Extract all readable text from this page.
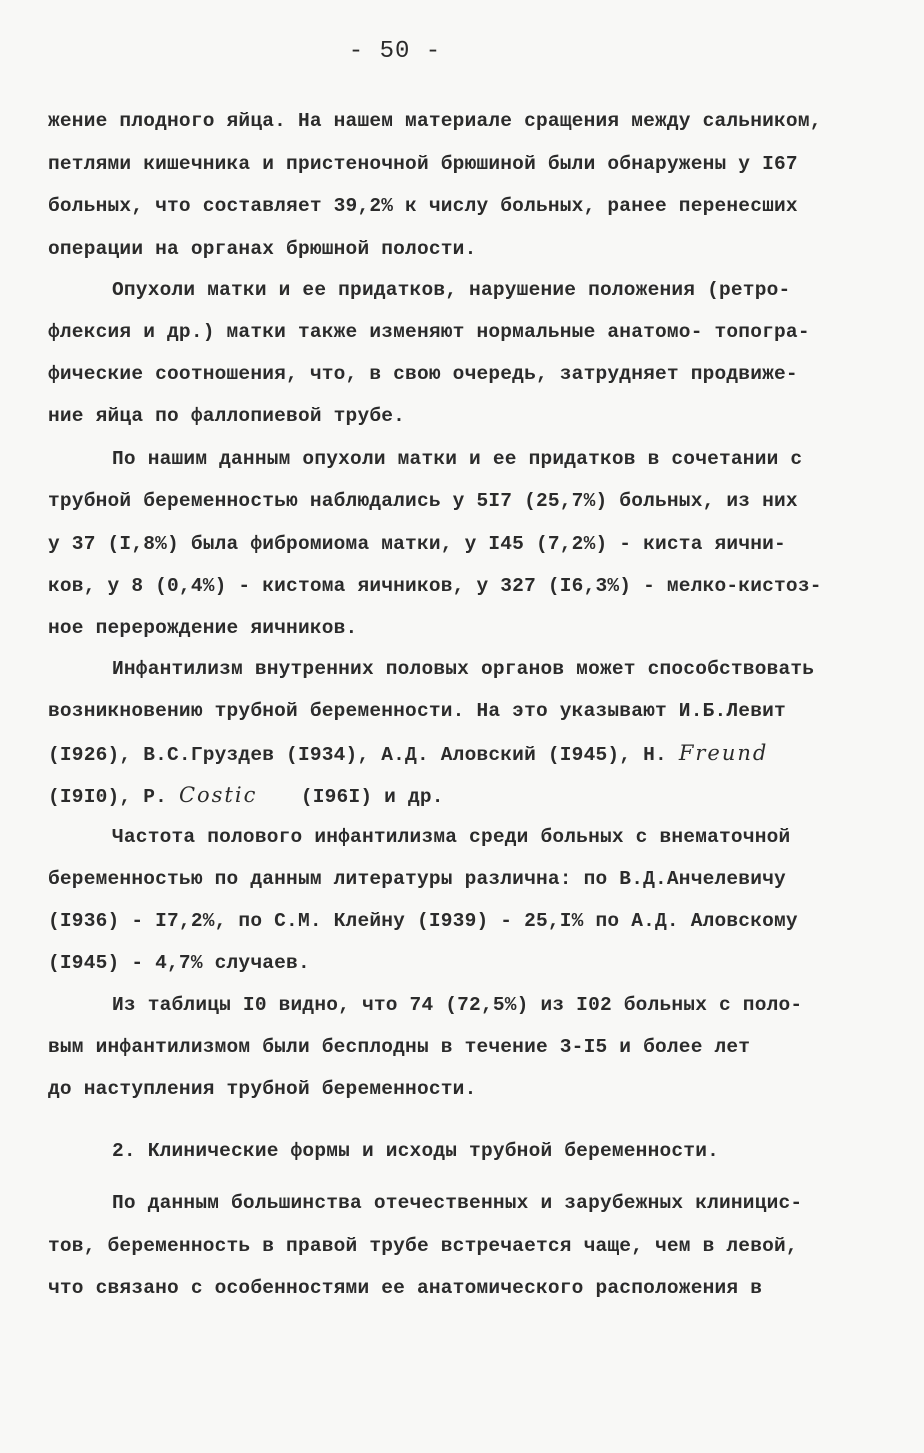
- 50 -
жение плодного яйца. На нашем материале сращения между сальником,
петлями кишечника и пристеночной брюшиной были обнаружены у I67
больных, что составляет 39,2% к числу больных, ранее перенесших
операции на органах брюшной полости.
Опухоли матки и ее придатков, нарушение положения (ретро-
флексия и др.) матки также изменяют нормальные анатомо- топогра-
фические соотношения, что, в свою очередь, затрудняет продвиже-
ние яйца по фаллопиевой трубе.
По нашим данным опухоли матки и ее придатков в сочетании с
трубной беременностью наблюдались у 5I7 (25,7%) больных, из них
у 37 (I,8%) была фибромиома матки, у I45 (7,2%) - киста яични-
ков, у 8 (0,4%) - кистома яичников, у 327 (I6,3%) - мелко-кистоз-
ное перерождение яичников.
Инфантилизм внутренних половых органов может способствовать
возникновению трубной беременности. На это указывают И.Б.Левит
(I926), В.С.Груздев (I934), А.Д. Аловский (I945), Н. Freund
(I9I0), Р. Costic (I96I) и др.
Частота полового инфантилизма среди больных с внематочной
беременностью по данным литературы различна: по В.Д.Анчелевичу
(I936) - I7,2%, по С.М. Клейну (I939) - 25,I% по А.Д. Аловскому
(I945) - 4,7% случаев.
Из таблицы I0 видно, что 74 (72,5%) из I02 больных с поло-
вым инфантилизмом были бесплодны в течение 3-I5 и более лет
до наступления трубной беременности.
2. Клинические формы и исходы трубной беременности.
По данным большинства отечественных и зарубежных клиницис-
тов, беременность в правой трубе встречается чаще, чем в левой,
что связано с особенностями ее анатомического расположения в
